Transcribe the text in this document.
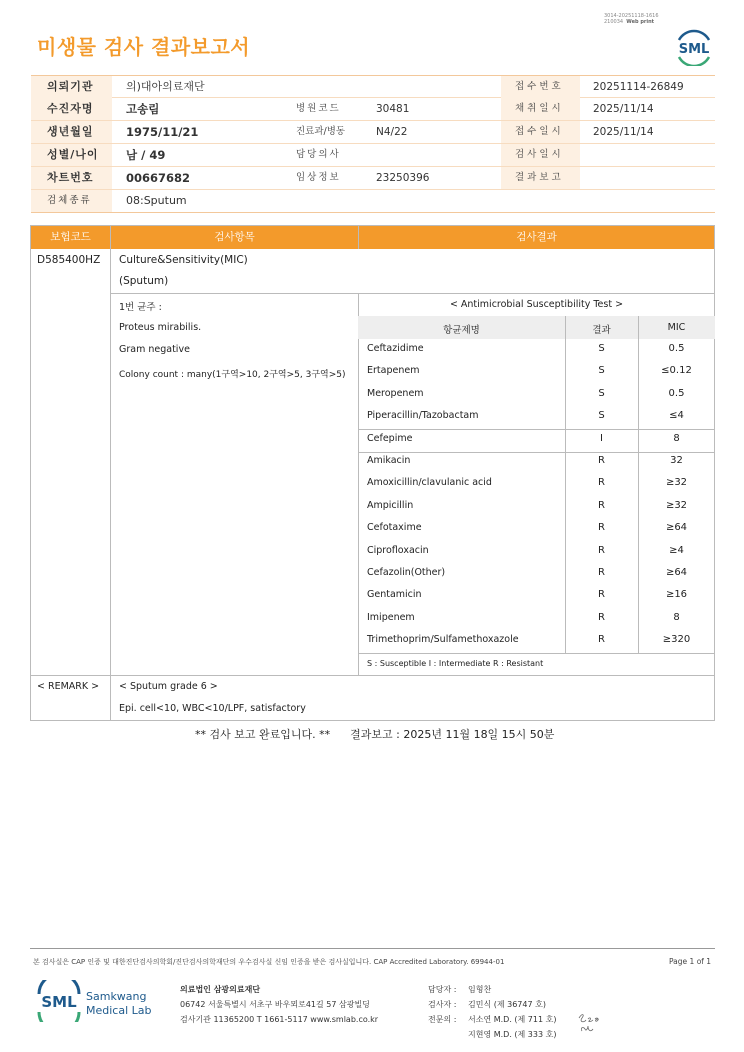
3014-20251118-1616
210034 Web print
미생물 검사 결과보고서	SML
의뢰기관	의)대아의료재단	접수번호	20251114-26849
수진자명	고송림	병원코드	30481	채취일시	2025/11/14
생년월일	1975/11/21	진료과/병동	N4/22	접수일시	2025/11/14
성별/나이	남 / 49	담당의사	검사일시
차트번호	00667682	임상정보	23250396	결과보고
검체종류	08:Sputum
보험코드	검사항목	검사결과
D585400HZ Culture&Sensitivity(MIC)
(Sputum)
1번 균주 :
Proteus mirabilis.
Gram negative
Colony count : many(1구역>10, 2구역>5, 3구역>5)
< Antimicrobial Susceptibility Test >
항균제명	결과	MIC
Ceftazidime	S	0.5
Ertapenem	S	≤0.12
Meropenem	S	0.5
Piperacillin/Tazobactam	S	≤4
Cefepime	I	8
Amikacin	R	32
Amoxicillin/clavulanic acid	R	≥32
Ampicillin	R	≥32
Cefotaxime	R	≥64
Ciprofloxacin	R	≥4
Cefazolin(Other)	R	≥64
Gentamicin	R	≥16
Imipenem	R	8
Trimethoprim/Sulfamethoxazole	R	≥320
S : Susceptible I : Intermediate R : Resistant
< REMARK > < Sputum grade 6 >
Epi. cell<10, WBC<10/LPF, satisfactory
** 검사 보고 완료입니다. ** 결과보고 : 2025년 11월 18일 15시 50분
본 검사실은 CAP 인증 및 대한진단검사의학회/진단검사의학재단의 우수검사실 신임 인증을 받은 검사실입니다. CAP Accredited Laboratory. 69944-01	Page 1 of 1
SML Samkwang
Medical Lab
의료법인 삼광의료재단
06742 서울특별시 서초구 바우뫼로41길 57 삼광빌딩
검사기관 11365200 T 1661-5117 www.smlab.co.kr
담당자 : 임형찬
검사자 : 김민식 (제 36747 호)
전문의 : 서소연 M.D. (제 711 호)
지현영 M.D. (제 333 호)
